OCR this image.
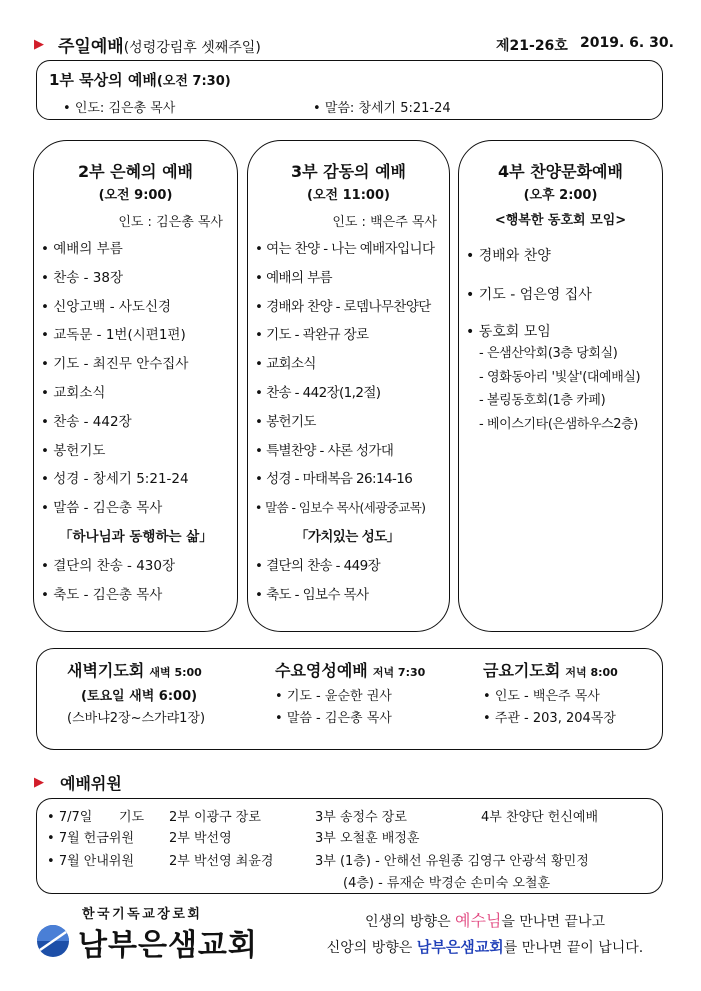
▶ 주일예배(성령강림후 셋째주일)	제21-26호 2019. 6. 30.
1부 묵상의 예배(오전 7:30)
• 인도: 김은총 목사
•	말씀: 창세기 5:21-24
2부 은혜의 예배
(오전 9:00)
인도 : 김은총 목사
• 예배의 부름
• 찬송 - 38장
• 신앙고백 - 사도신경
• 교독문 - 1번(시편1편)
• 기도 - 최진무 안수집사
• 교회소식
• 찬송 - 442장
• 봉헌기도
• 성경 - 창세기 5:21-24
• 말씀 - 김은총 목사
「하나님과 동행하는 삶」
• 결단의 찬송 - 430장
• 축도 - 김은총 목사
3부 감동의 예배
(오전 11:00)
인도 : 백은주 목사
• 여는 찬양 - 나는 예배자입니다
• 예배의 부름
• 경배와 찬양 - 로뎀나무찬양단
• 기도 - 곽완규 장로
• 교회소식
• 찬송 - 442장(1,2절)
• 봉헌기도
• 특별찬양 - 샤론 성가대
• 성경 - 마태복음 26:14-16
• 말씀 - 임보수 목사(세광중교목)
「가치있는 성도」
• 결단의 찬송 - 449장
• 축도 - 임보수 목사
4부 찬양문화예배
(오후 2:00)
<행복한 동호회 모임>
• 경배와 찬양
• 기도 - 엄은영 집사
• 동호회 모임
- 은샘산악회(3층 당회실)
- 영화동아리 '빛살'(대예배실)
- 볼링동호회(1층 카페)
- 베이스기타(은샘하우스2층)
새벽기도회 새벽 5:00
(토요일 새벽 6:00)
(스바냐2장~스가랴1장)
수요영성예배 저녁 7:30
• 기도 - 윤순한 권사
• 말씀 - 김은총 목사
금요기도회 저녁 8:00
• 인도 - 백은주 목사
• 주관 - 203, 204목장
▶ 예배위원
• 7/7일 기도 2부 이광구 장로	3부 송정수 장로	4부 찬양단 헌신예배
• 7월 헌금위원	2부 박선영	3부 오철훈 배정훈
• 7월 안내위원	2부 박선영 최윤경	3부 (1층) - 안해선 유원종 김영구 안광석 황민정
(4층) - 류재순 박경순 손미숙 오철훈
한국기독교장로회
남부은샘교회
인생의 방향은 예수님을 만나면 끝나고
신앙의 방향은 남부은샘교회를 만나면 끝이 납니다.
